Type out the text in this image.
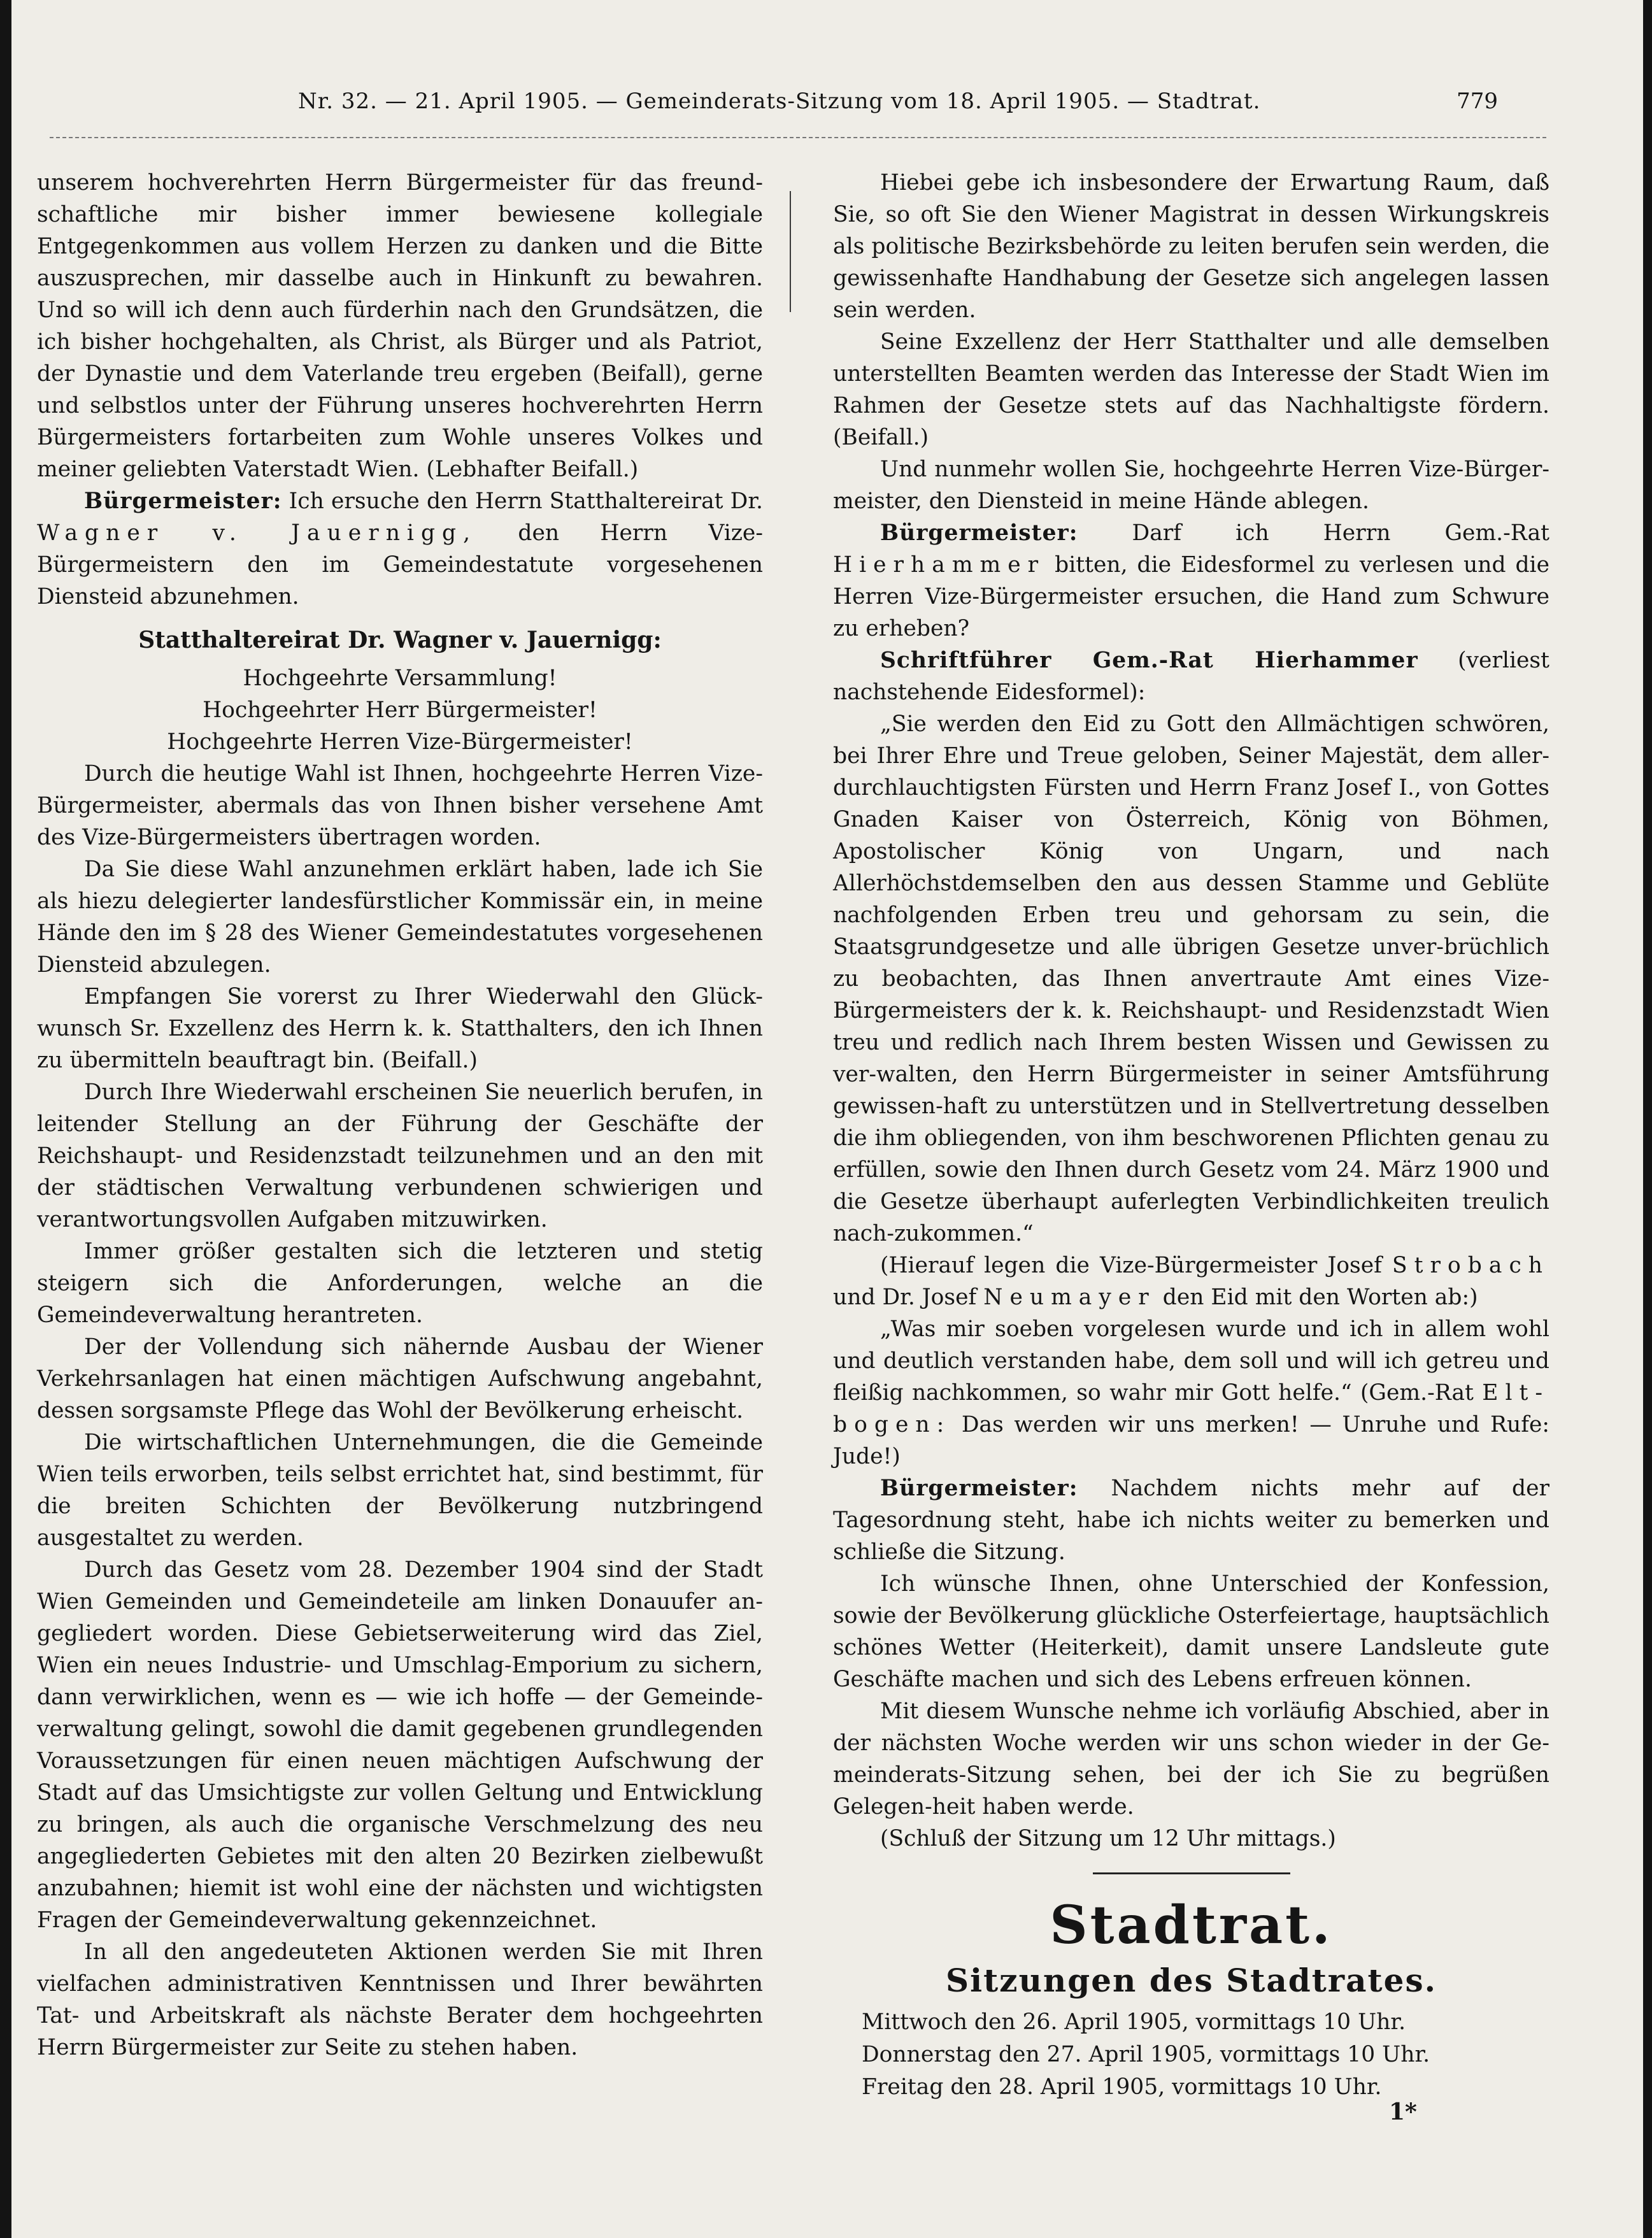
Nr. 32. — 21. April 1905. — Gemeinderats-Sitzung vom 18. April 1905. — Stadtrat.	779

unserem hochverehrten Herrn Bürgermeister für das freund-schaftliche mir bisher immer bewiesene kollegiale Entgegenkommen aus vollem Herzen zu danken und die Bitte auszusprechen, mir dasselbe auch in Hinkunft zu bewahren. Und so will ich denn auch fürderhin nach den Grundsätzen, die ich bisher hochgehalten, als Christ, als Bürger und als Patriot, der Dynastie und dem Vaterlande treu ergeben (Beifall), gerne und selbstlos unter der Führung unseres hochverehrten Herrn Bürgermeisters fortarbeiten zum Wohle unseres Volkes und meiner geliebten Vaterstadt Wien. (Lebhafter Beifall.)

Bürgermeister: Ich ersuche den Herrn Statthaltereirat Dr. Wagner v. Jauernigg, den Herrn Vize-Bürgermeistern den im Gemeindestatute vorgesehenen Diensteid abzunehmen.

Statthaltereirat Dr. Wagner v. Jauernigg:

Hochgeehrte Versammlung!

Hochgeehrter Herr Bürgermeister!

Hochgeehrte Herren Vize-Bürgermeister!

Durch die heutige Wahl ist Ihnen, hochgeehrte Herren Vize-Bürgermeister, abermals das von Ihnen bisher versehene Amt des Vize-Bürgermeisters übertragen worden.

Da Sie diese Wahl anzunehmen erklärt haben, lade ich Sie als hiezu delegierter landesfürstlicher Kommissär ein, in meine Hände den im § 28 des Wiener Gemeindestatutes vorgesehenen Diensteid abzulegen.

Empfangen Sie vorerst zu Ihrer Wiederwahl den Glück-wunsch Sr. Exzellenz des Herrn k. k. Statthalters, den ich Ihnen zu übermitteln beauftragt bin. (Beifall.)

Durch Ihre Wiederwahl erscheinen Sie neuerlich berufen, in leitender Stellung an der Führung der Geschäfte der Reichshaupt- und Residenzstadt teilzunehmen und an den mit der städtischen Verwaltung verbundenen schwierigen und verantwortungsvollen Aufgaben mitzuwirken.

Immer größer gestalten sich die letzteren und stetig steigern sich die Anforderungen, welche an die Gemeindeverwaltung herantreten.

Der der Vollendung sich nähernde Ausbau der Wiener Verkehrsanlagen hat einen mächtigen Aufschwung angebahnt, dessen sorgsamste Pflege das Wohl der Bevölkerung erheischt.

Die wirtschaftlichen Unternehmungen, die die Gemeinde Wien teils erworben, teils selbst errichtet hat, sind bestimmt, für die breiten Schichten der Bevölkerung nutzbringend ausgestaltet zu werden.

Durch das Gesetz vom 28. Dezember 1904 sind der Stadt Wien Gemeinden und Gemeindeteile am linken Donauufer an-gegliedert worden. Diese Gebietserweiterung wird das Ziel, Wien ein neues Industrie- und Umschlag-Emporium zu sichern, dann verwirklichen, wenn es — wie ich hoffe — der Gemeinde-verwaltung gelingt, sowohl die damit gegebenen grundlegenden Voraussetzungen für einen neuen mächtigen Aufschwung der Stadt auf das Umsichtigste zur vollen Geltung und Entwicklung zu bringen, als auch die organische Verschmelzung des neu angegliederten Gebietes mit den alten 20 Bezirken zielbewußt anzubahnen; hiemit ist wohl eine der nächsten und wichtigsten Fragen der Gemeindeverwaltung gekennzeichnet.

In all den angedeuteten Aktionen werden Sie mit Ihren vielfachen administrativen Kenntnissen und Ihrer bewährten Tat- und Arbeitskraft als nächste Berater dem hochgeehrten Herrn Bürgermeister zur Seite zu stehen haben.

Hiebei gebe ich insbesondere der Erwartung Raum, daß Sie, so oft Sie den Wiener Magistrat in dessen Wirkungskreis als politische Bezirksbehörde zu leiten berufen sein werden, die gewissenhafte Handhabung der Gesetze sich angelegen lassen sein werden.

Seine Exzellenz der Herr Statthalter und alle demselben unterstellten Beamten werden das Interesse der Stadt Wien im Rahmen der Gesetze stets auf das Nachhaltigste fördern. (Beifall.)

Und nunmehr wollen Sie, hochgeehrte Herren Vize-Bürger-meister, den Diensteid in meine Hände ablegen.

Bürgermeister: Darf ich Herrn Gem.-Rat Hierhammer bitten, die Eidesformel zu verlesen und die Herren Vize-Bürgermeister ersuchen, die Hand zum Schwure zu erheben?

Schriftführer Gem.-Rat Hierhammer (verliest nachstehende Eidesformel):

„Sie werden den Eid zu Gott den Allmächtigen schwören, bei Ihrer Ehre und Treue geloben, Seiner Majestät, dem aller-durchlauchtigsten Fürsten und Herrn Franz Josef I., von Gottes Gnaden Kaiser von Österreich, König von Böhmen, Apostolischer König von Ungarn, und nach Allerhöchstdemselben den aus dessen Stamme und Geblüte nachfolgenden Erben treu und gehorsam zu sein, die Staatsgrundgesetze und alle übrigen Gesetze unver-brüchlich zu beobachten, das Ihnen anvertraute Amt eines Vize-Bürgermeisters der k. k. Reichshaupt- und Residenzstadt Wien treu und redlich nach Ihrem besten Wissen und Gewissen zu ver-walten, den Herrn Bürgermeister in seiner Amtsführung gewissen-haft zu unterstützen und in Stellvertretung desselben die ihm obliegenden, von ihm beschworenen Pflichten genau zu erfüllen, sowie den Ihnen durch Gesetz vom 24. März 1900 und die Gesetze überhaupt auferlegten Verbindlichkeiten treulich nach-zukommen.“

(Hierauf legen die Vize-Bürgermeister Josef Strobach und Dr. Josef Neumayer den Eid mit den Worten ab:)

„Was mir soeben vorgelesen wurde und ich in allem wohl und deutlich verstanden habe, dem soll und will ich getreu und fleißig nachkommen, so wahr mir Gott helfe.“ (Gem.-Rat Elt-bogen: Das werden wir uns merken! — Unruhe und Rufe: Jude!)

Bürgermeister: Nachdem nichts mehr auf der Tagesordnung steht, habe ich nichts weiter zu bemerken und schließe die Sitzung.

Ich wünsche Ihnen, ohne Unterschied der Konfession, sowie der Bevölkerung glückliche Osterfeiertage, hauptsächlich schönes Wetter (Heiterkeit), damit unsere Landsleute gute Geschäfte machen und sich des Lebens erfreuen können.

Mit diesem Wunsche nehme ich vorläufig Abschied, aber in der nächsten Woche werden wir uns schon wieder in der Ge-meinderats-Sitzung sehen, bei der ich Sie zu begrüßen Gelegen-heit haben werde.

(Schluß der Sitzung um 12 Uhr mittags.)

Stadtrat.
Sitzungen des Stadtrates.
Mittwoch den 26. April 1905, vormittags 10 Uhr.
Donnerstag den 27. April 1905, vormittags 10 Uhr.
Freitag den 28. April 1905, vormittags 10 Uhr.
1*
